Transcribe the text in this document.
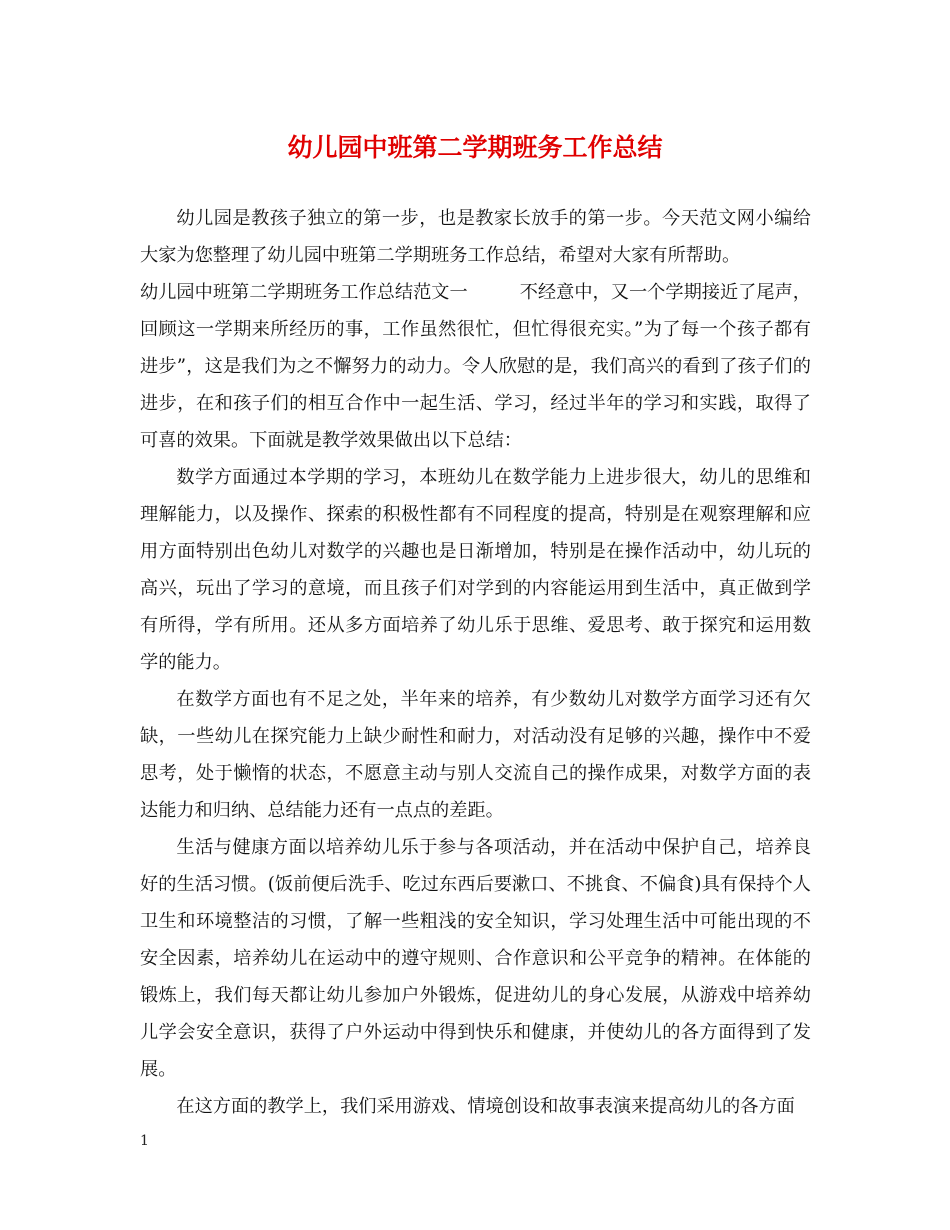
幼儿园中班第二学期班务工作总结

幼儿园是教孩子独立的第一步，也是教家长放手的第一步。今天范文网小编给大家为您整理了幼儿园中班第二学期班务工作总结，希望对大家有所帮助。

幼儿园中班第二学期班务工作总结范文一	不经意中，又一个学期接近了尾声，回顾这一学期来所经历的事，工作虽然很忙，但忙得很充实。”为了每一个孩子都有进步”，这是我们为之不懈努力的动力。令人欣慰的是，我们高兴的看到了孩子们的进步，在和孩子们的相互合作中一起生活、学习，经过半年的学习和实践，取得了可喜的效果。下面就是教学效果做出以下总结：

数学方面通过本学期的学习，本班幼儿在数学能力上进步很大，幼儿的思维和理解能力，以及操作、探索的积极性都有不同程度的提高，特别是在观察理解和应用方面特别出色幼儿对数学的兴趣也是日渐增加，特别是在操作活动中，幼儿玩的高兴，玩出了学习的意境，而且孩子们对学到的内容能运用到生活中，真正做到学有所得，学有所用。还从多方面培养了幼儿乐于思维、爱思考、敢于探究和运用数学的能力。

在数学方面也有不足之处，半年来的培养，有少数幼儿对数学方面学习还有欠缺，一些幼儿在探究能力上缺少耐性和耐力，对活动没有足够的兴趣，操作中不爱思考，处于懒惰的状态，不愿意主动与别人交流自己的操作成果，对数学方面的表达能力和归纳、总结能力还有一点点的差距。

生活与健康方面以培养幼儿乐于参与各项活动，并在活动中保护自己，培养良好的生活习惯。(饭前便后洗手、吃过东西后要漱口、不挑食、不偏食)具有保持个人卫生和环境整洁的习惯，了解一些粗浅的安全知识，学习处理生活中可能出现的不安全因素，培养幼儿在运动中的遵守规则、合作意识和公平竞争的精神。在体能的锻炼上，我们每天都让幼儿参加户外锻炼，促进幼儿的身心发展，从游戏中培养幼儿学会安全意识，获得了户外运动中得到快乐和健康，并使幼儿的各方面得到了发展。

在这方面的教学上，我们采用游戏、情境创设和故事表演来提高幼儿的各方面

1
